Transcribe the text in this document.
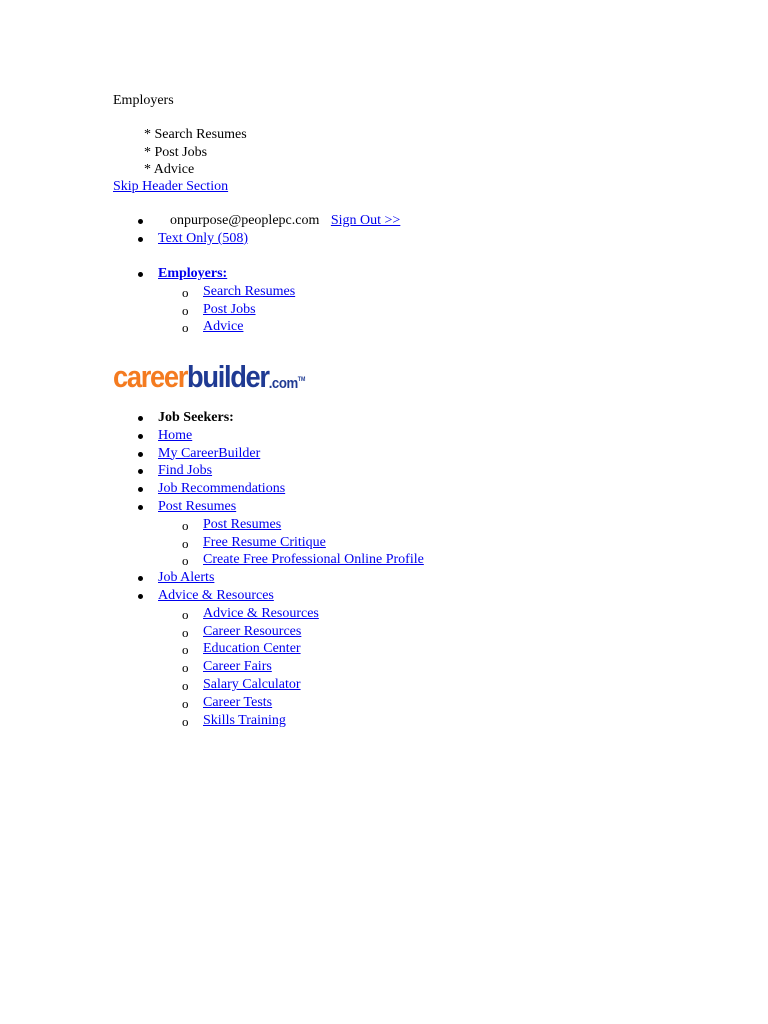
Employers
* Search Resumes
* Post Jobs
* Advice
Skip Header Section
onpurpose@peoplepc.com Sign Out >>
Text Only (508)
Employers:
o Search Resumes
o Post Jobs
o Advice
career builder .com TM
Job Seekers:
Home
My CareerBuilder
Find Jobs
Job Recommendations
Post Resumes
o Post Resumes
o Free Resume Critique
o Create Free Professional Online Profile
Job Alerts
Advice & Resources
o Advice & Resources
o Career Resources
o Education Center
o Career Fairs
o Salary Calculator
o Career Tests
o Skills Training
